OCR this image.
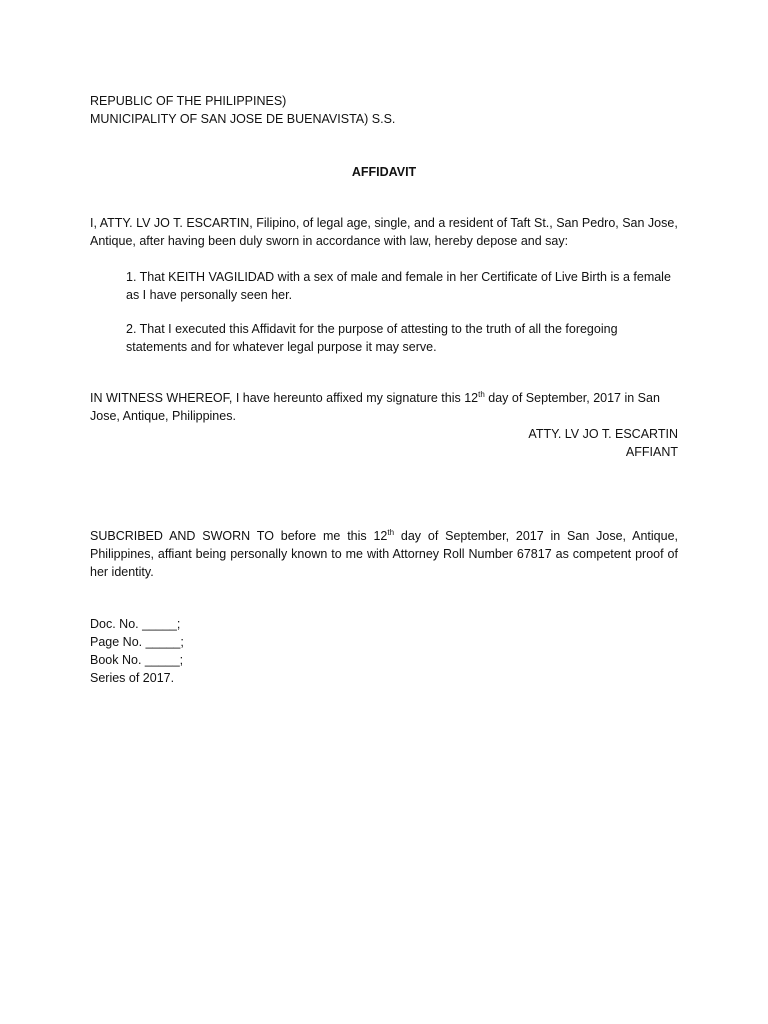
REPUBLIC OF THE PHILIPPINES)
MUNICIPALITY OF SAN JOSE DE BUENAVISTA) S.S.
AFFIDAVIT

I, ATTY. LV JO T. ESCARTIN, Filipino, of legal age, single, and a resident of Taft St., San Pedro, San Jose, Antique, after having been duly sworn in accordance with law, hereby depose and say:

1. That KEITH VAGILIDAD with a sex of male and female in her Certificate of Live Birth is a female as I have personally seen her.

2. That I executed this Affidavit for the purpose of attesting to the truth of all the foregoing statements and for whatever legal purpose it may serve.

IN WITNESS WHEREOF, I have hereunto affixed my signature this 12th day of September, 2017 in San Jose, Antique, Philippines.

ATTY. LV JO T. ESCARTIN
AFFIANT

SUBCRIBED AND SWORN TO before me this 12th day of September, 2017 in San Jose, Antique, Philippines, affiant being personally known to me with Attorney Roll Number 67817 as competent proof of her identity.

Doc. No. _____;
Page No. _____;
Book No. _____;
Series of 2017.
